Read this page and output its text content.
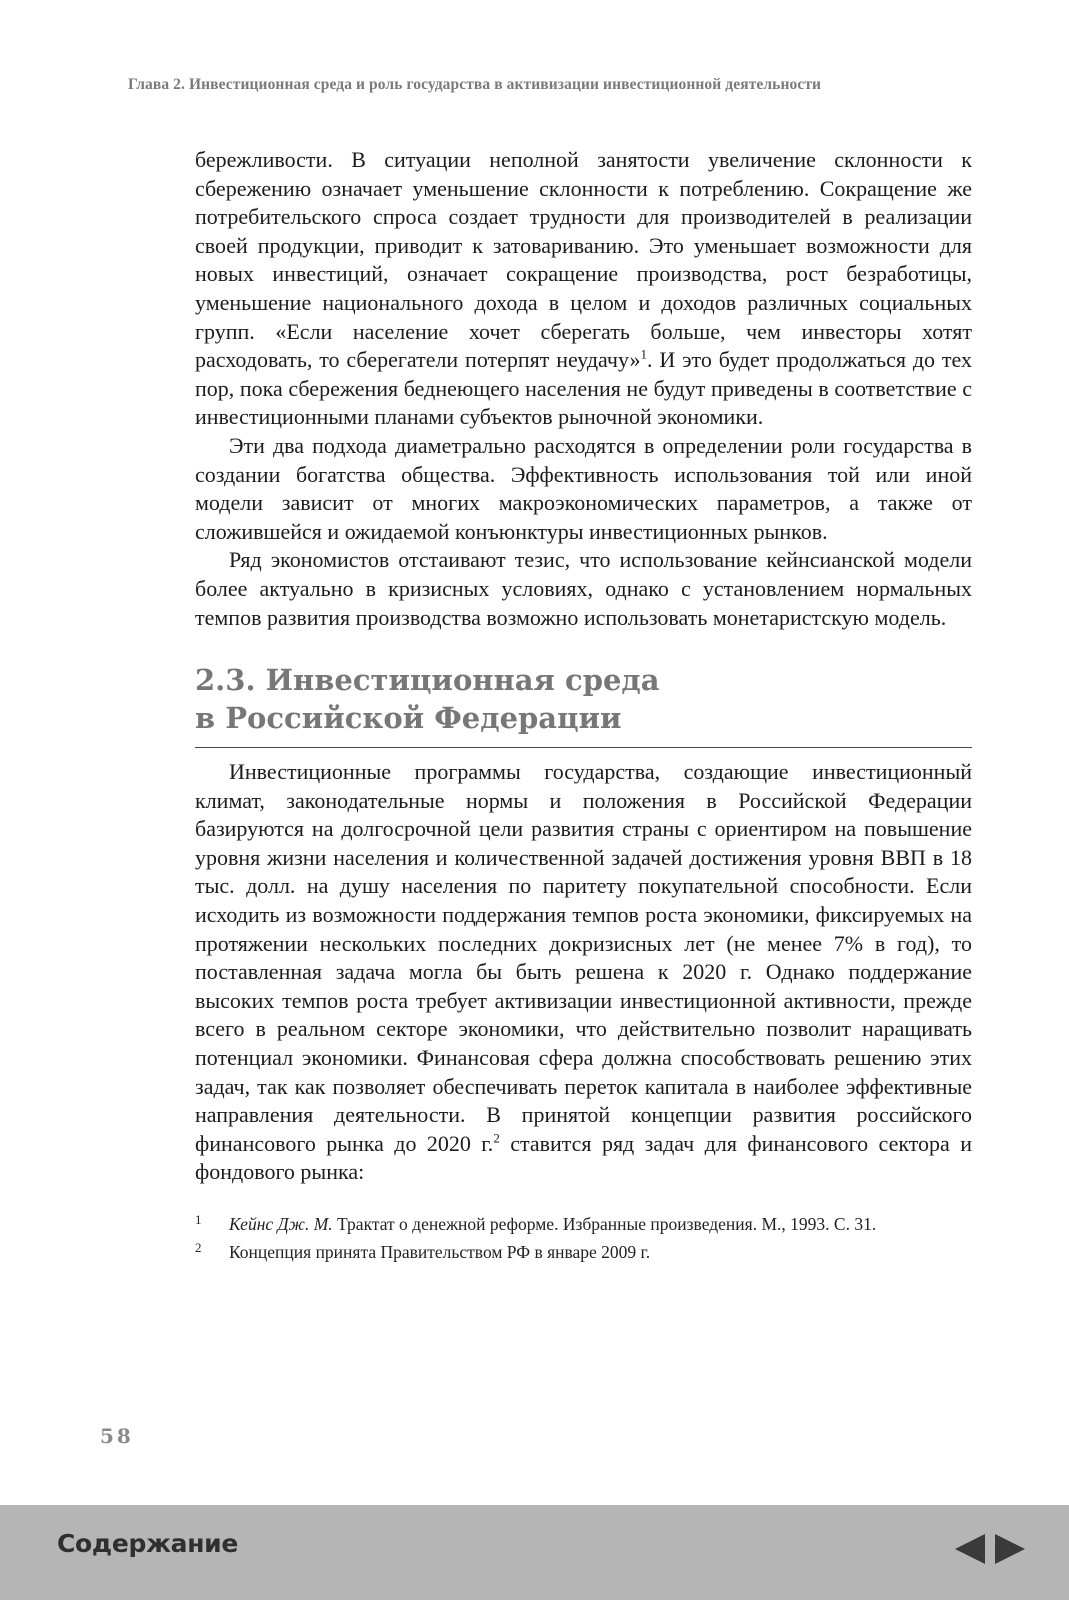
Глава 2. Инвестиционная среда и роль государства в активизации инвестиционной деятельности

бережливости. В ситуации неполной занятости увеличение склонности к сбережению означает уменьшение склонности к потреблению. Сокращение же потребительского спроса создает трудности для производителей в реализации своей продукции, приводит к затовариванию. Это уменьшает возможности для новых инвестиций, означает сокращение производства, рост безработицы, уменьшение национального дохода в целом и доходов различных социальных групп. «Если население хочет сберегать больше, чем инвесторы хотят расходовать, то сберегатели потерпят неудачу»$^1$. И это будет продолжаться до тех пор, пока сбережения беднеющего населения не будут приведены в соответствие с инвестиционными планами субъектов рыночной экономики.

Эти два подхода диаметрально расходятся в определении роли государства в создании богатства общества. Эффективность использования той или иной модели зависит от многих макроэкономических параметров, а также от сложившейся и ожидаемой конъюнктуры инвестиционных рынков.

Ряд экономистов отстаивают тезис, что использование кейнсианской модели более актуально в кризисных условиях, однако с установлением нормальных темпов развития производства возможно использовать монетаристскую модель.

2.3. Инвестиционная среда
в Российской Федерации

Инвестиционные программы государства, создающие инвестиционный климат, законодательные нормы и положения в Российской Федерации базируются на долгосрочной цели развития страны с ориентиром на повышение уровня жизни населения и количественной задачей достижения уровня ВВП в 18 тыс. долл. на душу населения по паритету покупательной способности. Если исходить из возможности поддержания темпов роста экономики, фиксируемых на протяжении нескольких последних докризисных лет (не менее 7% в год), то поставленная задача могла бы быть решена к 2020 г. Однако поддержание высоких темпов роста требует активизации инвестиционной активности, прежде всего в реальном секторе экономики, что действительно позволит наращивать потенциал экономики. Финансовая сфера должна способствовать решению этих задач, так как позволяет обеспечивать переток капитала в наиболее эффективные направления деятельности. В принятой концепции развития российского финансового рынка до 2020 г.$^2$ ставится ряд задач для финансового сектора и фондового рынка:

1	Кейнс Дж. М. Трактат о денежной реформе. Избранные произведения. М., 1993. С. 31.
2	Концепция принята Правительством РФ в январе 2009 г.
58
Содержание
